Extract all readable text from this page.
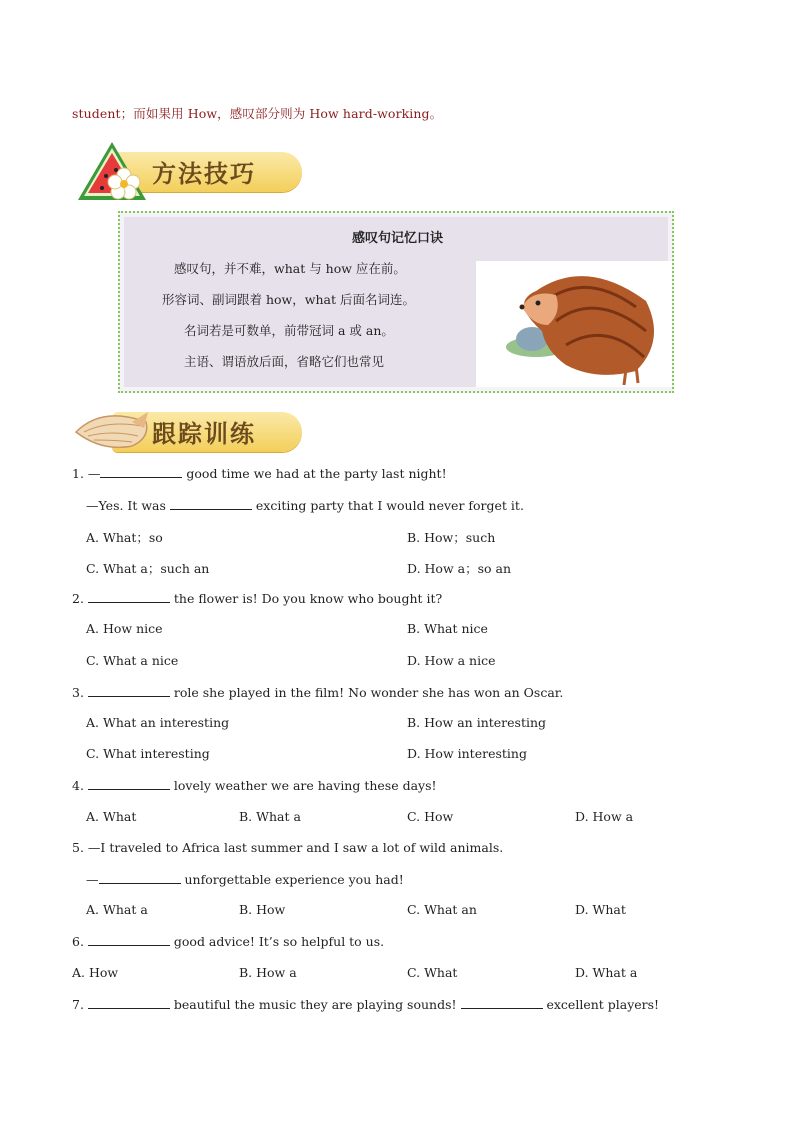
student；而如果用 How，感叹部分则为 How hard-working。
方法技巧
感叹句记忆口诀
感叹句，并不难，what 与 how 应在前。
形容词、副词跟着 how，what 后面名词连。
名词若是可数单，前带冠词 a 或 an。
主语、谓语放后面，省略它们也常见
跟踪训练
1. —	good time we had at the party last night!
—Yes. It was	exciting party that I would never forget it.
A. What；so	B. How；such
C. What a；such an	D. How a；so an
2.	the flower is! Do you know who bought it?
A. How nice	B. What nice
C. What a nice	D. How a nice
3.	role she played in the film! No wonder she has won an Oscar.
A. What an interesting	B. How an interesting
C. What interesting	D. How interesting
4.	lovely weather we are having these days!
A. What	B. What a	C. How	D. How a
5. —I traveled to Africa last summer and I saw a lot of wild animals.
—	unforgettable experience you had!
A. What a	B. How	C. What an	D. What
6.	good advice! It’s so helpful to us.
A. How	B. How a	C. What	D. What a
7.	beautiful the music they are playing sounds!	excellent players!
